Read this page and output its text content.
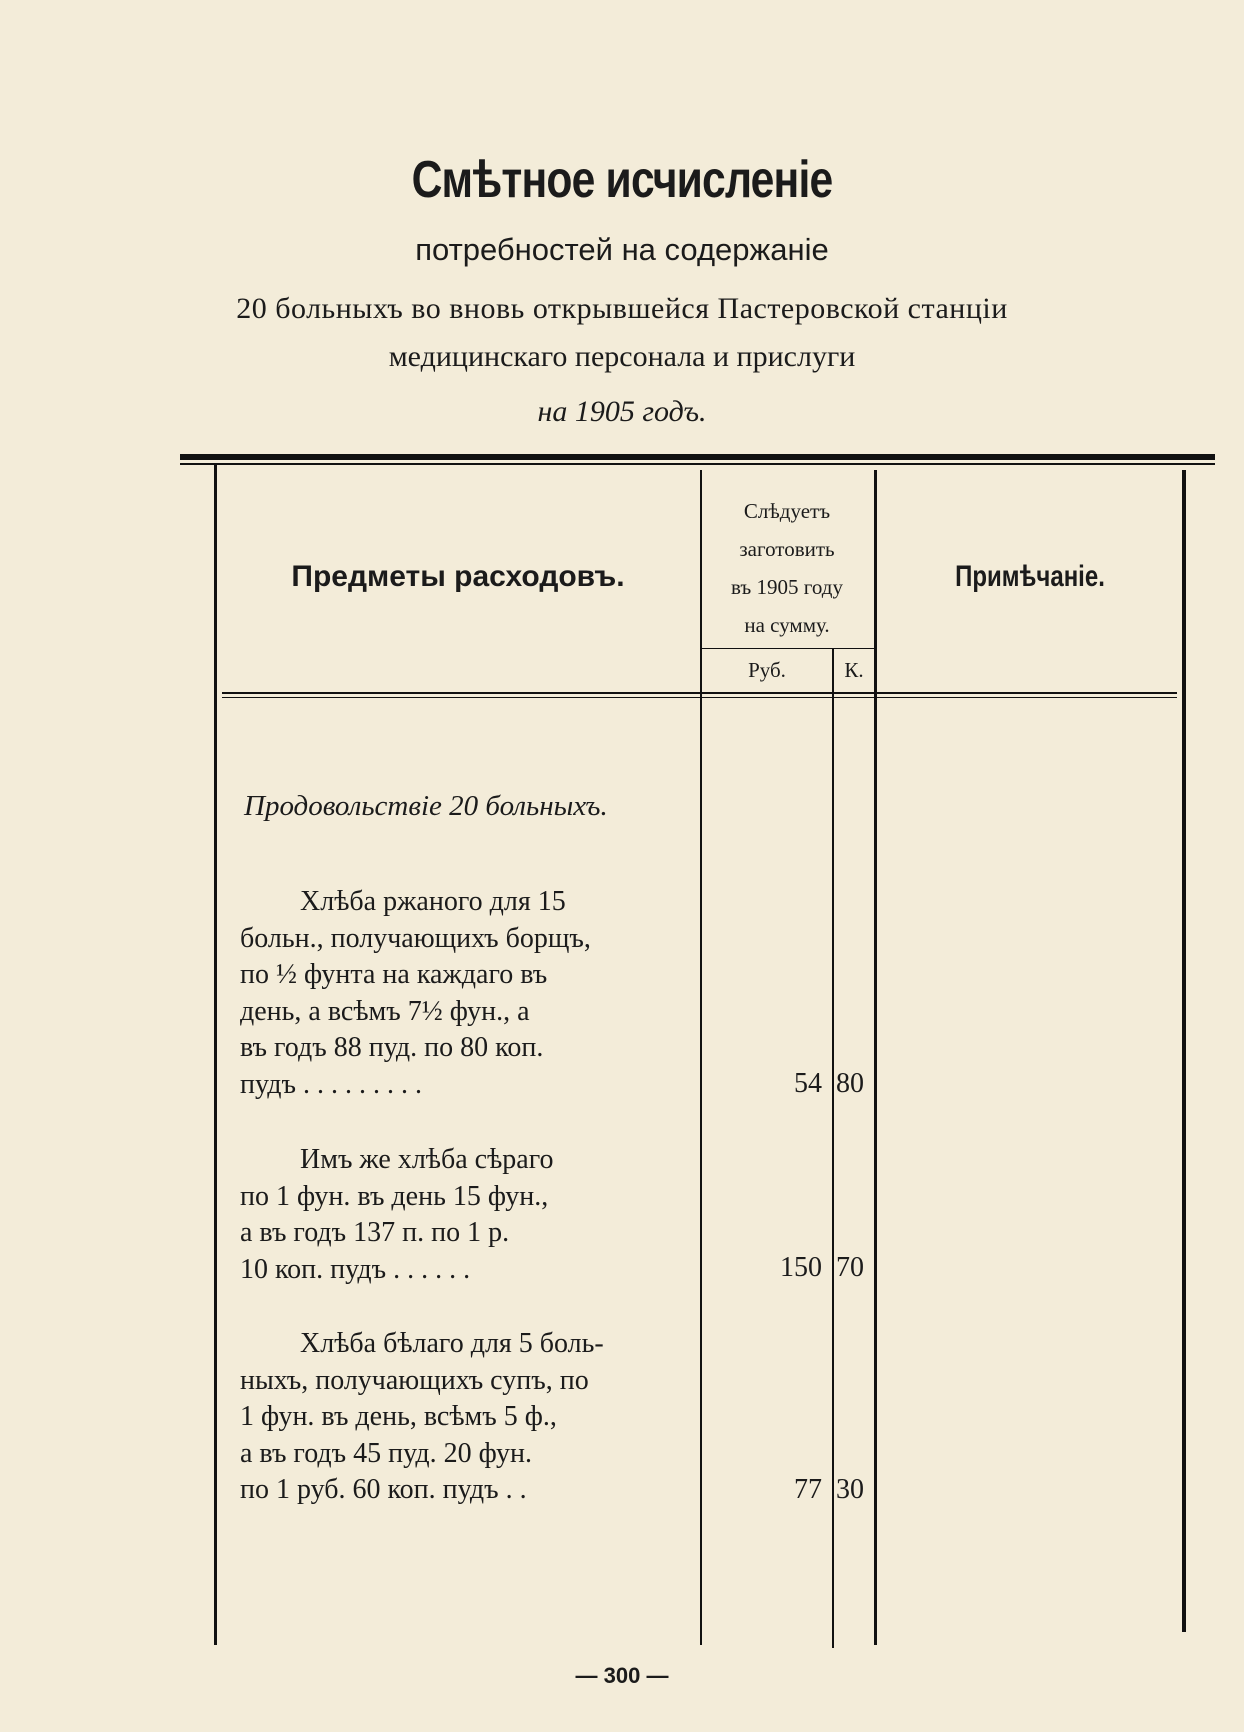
Смѣтное исчисленіе
потребностей на содержаніе
20 больныхъ во вновь открывшейся Пастеровской станціи
медицинскаго персонала и прислуги
на 1905 годъ.
Предметы расходовъ.
Слѣдуетъ
заготовить
въ 1905 году
на сумму.
Руб.	К.
Примѣчаніе.
Продовольствіе 20 больныхъ.
Хлѣба ржаного для 15
больн., получающихъ борщъ,
по ½ фунта на каждаго въ
день, а всѣмъ 7½ фун., а
въ годъ 88 пуд. по 80 коп.
пудъ . . . . . . . . .	54 80
Имъ же хлѣба сѣраго
по 1 фун. въ день 15 фун.,
а въ годъ 137 п. по 1 р.
10 коп. пудъ . . . . . .	150 70
Хлѣба бѣлаго для 5 боль-
ныхъ, получающихъ супъ, по
1 фун. въ день, всѣмъ 5 ф.,
а въ годъ 45 пуд. 20 фун.
по 1 руб. 60 коп. пудъ . .	77 30
— 300 —
